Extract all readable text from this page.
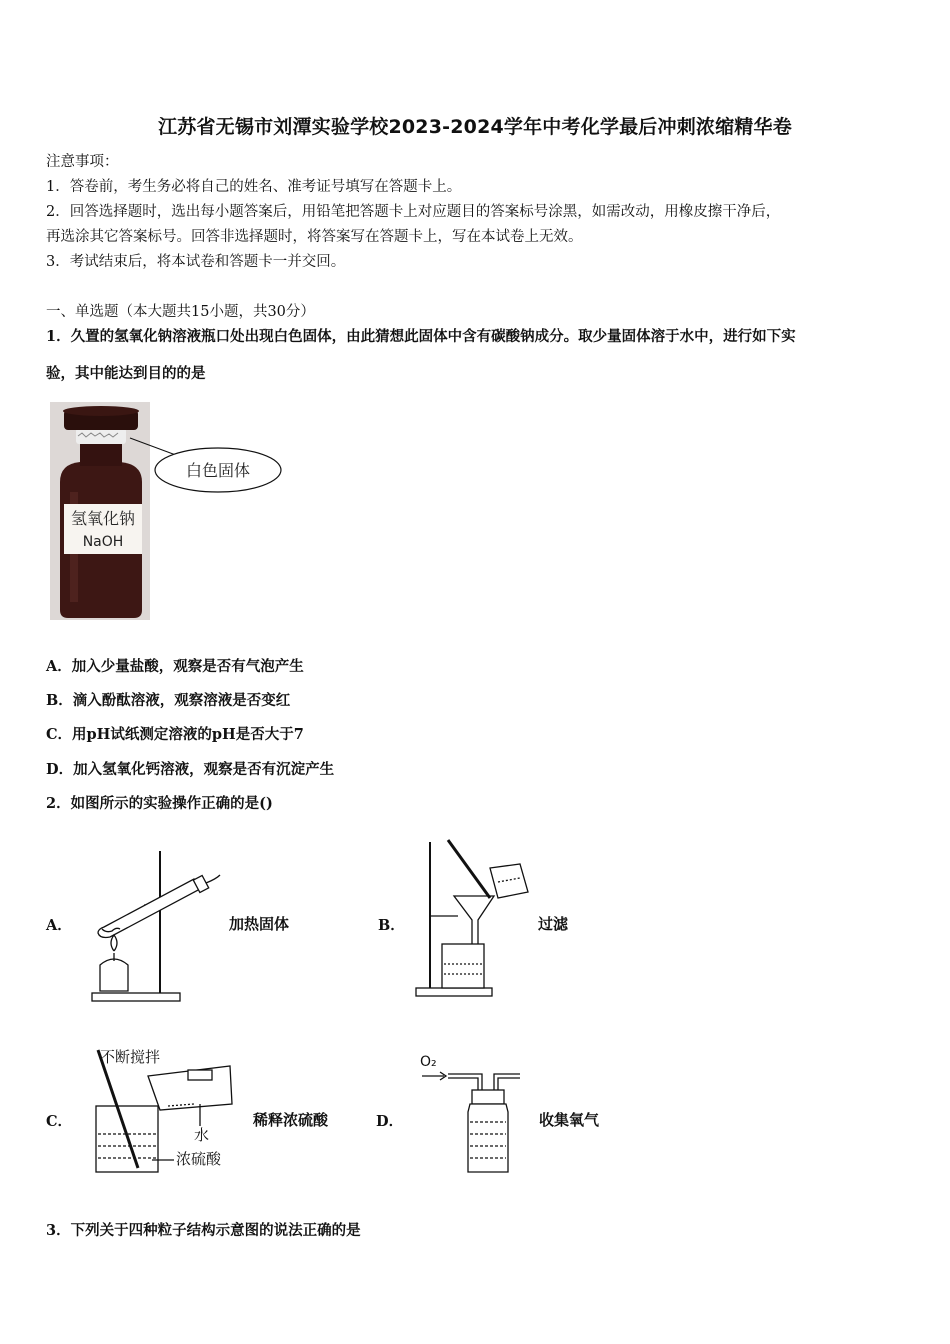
江苏省无锡市刘潭实验学校2023-2024学年中考化学最后冲刺浓缩精华卷
注意事项：
1．答卷前，考生务必将自己的姓名、准考证号填写在答题卡上。
2．回答选择题时，选出每小题答案后，用铅笔把答题卡上对应题目的答案标号涂黑，如需改动，用橡皮擦干净后，
再选涂其它答案标号。回答非选择题时，将答案写在答题卡上，写在本试卷上无效。
3．考试结束后，将本试卷和答题卡一并交回。
一、单选题（本大题共15小题，共30分）
1．久置的氢氧化钠溶液瓶口处出现白色固体，由此猜想此固体中含有碳酸钠成分。取少量固体溶于水中，进行如下实
验，其中能达到目的的是
氢氧化钠
NaOH
白色固体
A．加入少量盐酸，观察是否有气泡产生
B．滴入酚酞溶液，观察溶液是否变红
C．用pH试纸测定溶液的pH是否大于7
D．加入氢氧化钙溶液，观察是否有沉淀产生
2．如图所示的实验操作正确的是()
A．	加热固体	B．	过滤
C．
不断搅拌
水
浓硫酸
稀释浓硫酸	D．
O₂
收集氧气
3．下列关于四种粒子结构示意图的说法正确的是
